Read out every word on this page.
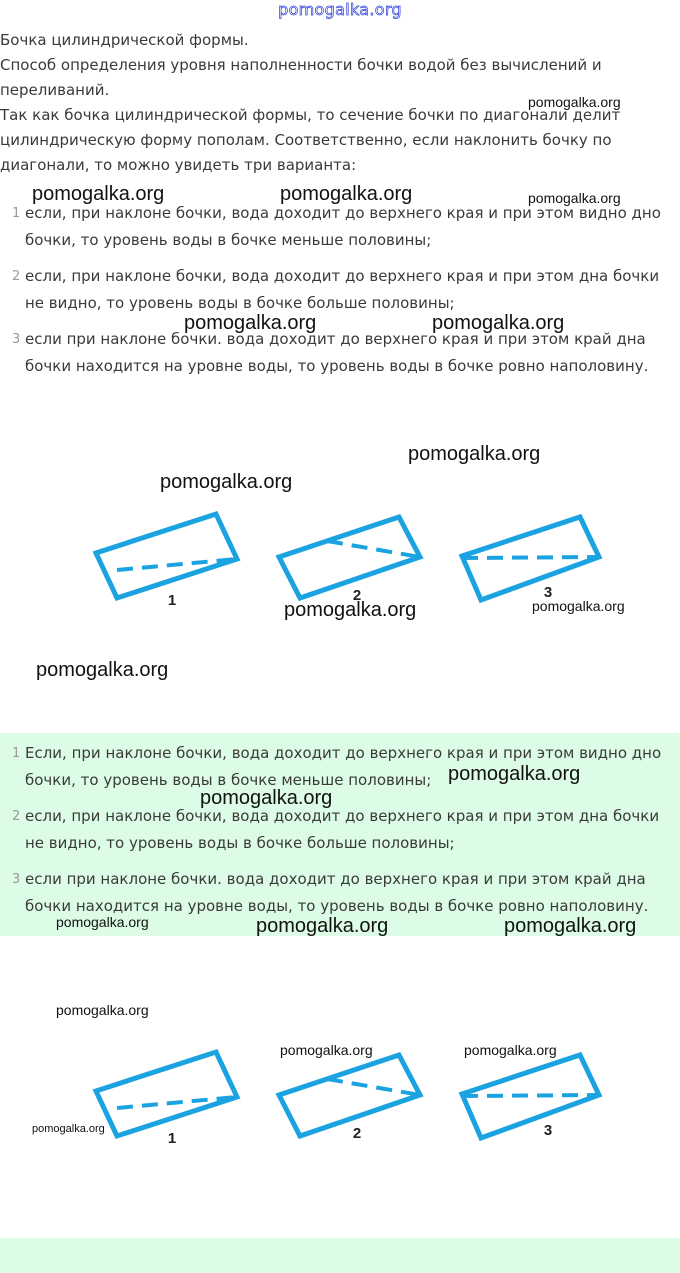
pomogalka.org

Бочка цилиндрической формы.

Способ определения уровня наполненности бочки водой без вычислений и переливаний.

Так как бочка цилиндрической формы, то сечение бочки по диагонали делит цилиндрическую форму пополам. Соответственно, если наклонить бочку по диагонали, то можно увидеть три варианта:

1 если, при наклоне бочки, вода доходит до верхнего края и при этом видно дно бочки, то уровень воды в бочке меньше половины;
2 если, при наклоне бочки, вода доходит до верхнего края и при этом дна бочки не видно, то уровень воды в бочке больше половины;
3 если при наклоне бочки. вода доходит до верхнего края и при этом край дна бочки находится на уровне воды, то уровень воды в бочке ровно наполовину.
1	2	3
1 Если, при наклоне бочки, вода доходит до верхнего края и при этом видно дно бочки, то уровень воды в бочке меньше половины;
2 если, при наклоне бочки, вода доходит до верхнего края и при этом дна бочки не видно, то уровень воды в бочке больше половины;
3 если при наклоне бочки. вода доходит до верхнего края и при этом край дна бочки находится на уровне воды, то уровень воды в бочке ровно наполовину.
1	2	3
pomogalka.org
pomogalka.org	pomogalka.org	pomogalka.org
pomogalka.org	pomogalka.org
pomogalka.org
pomogalka.org
pomogalka.org	pomogalka.org
pomogalka.org
pomogalka.org
pomogalka.org
pomogalka.org	pomogalka.org	pomogalka.org
pomogalka.org
pomogalka.org	pomogalka.org
pomogalka.org
